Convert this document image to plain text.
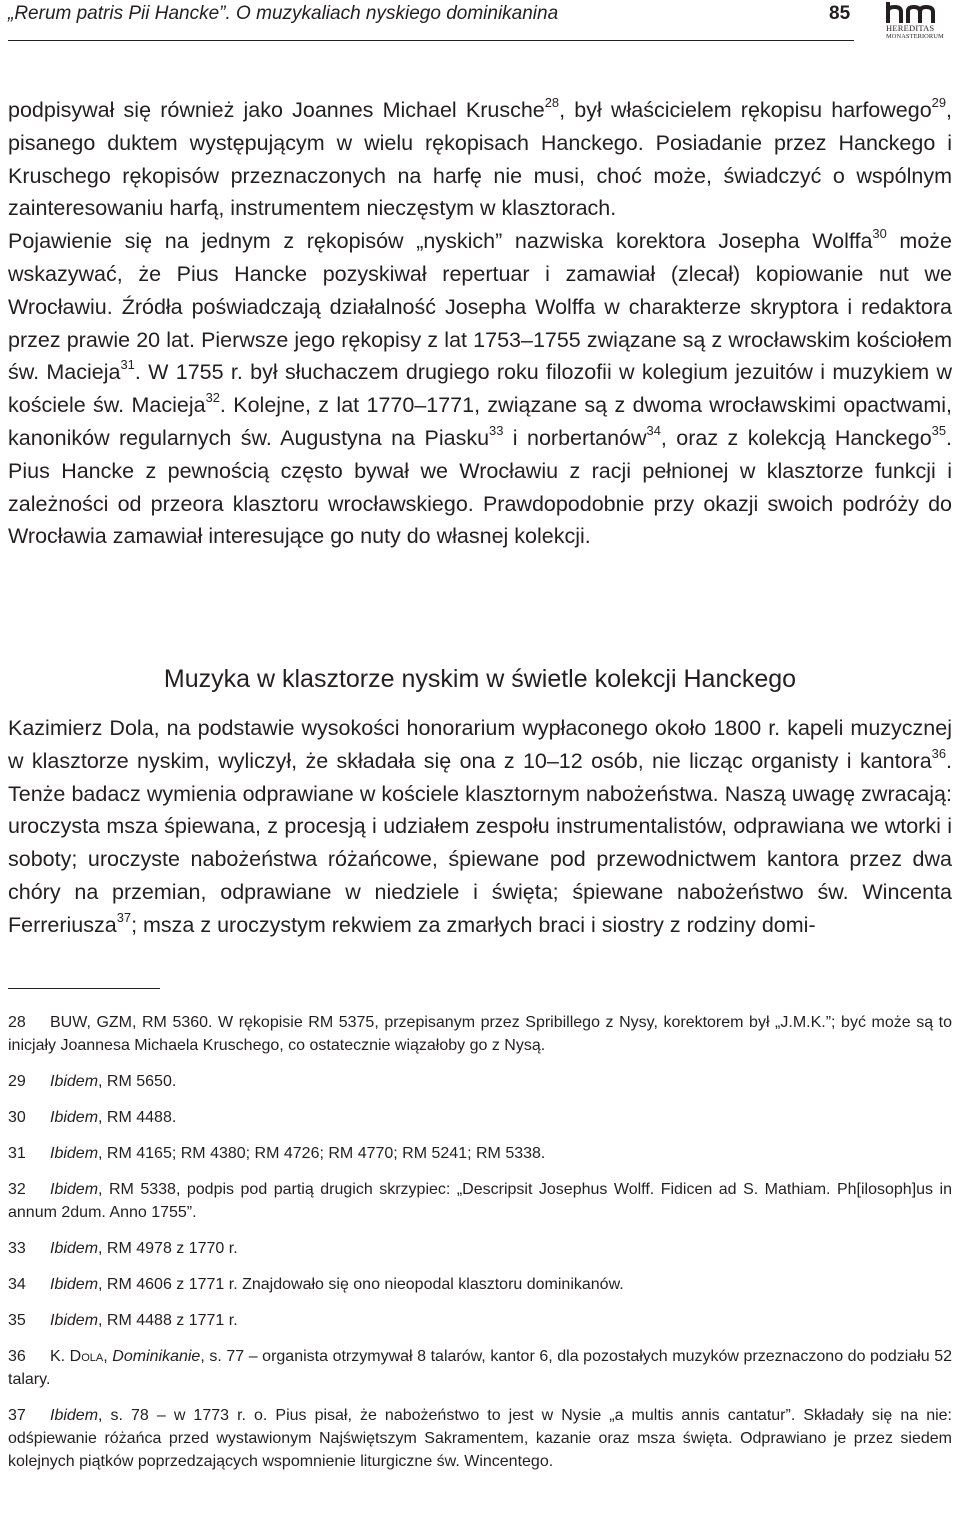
„Rerum patris Pii Hancke”. O muzykaliach nyskiego dominikanina	85
HEREDITAS
MONASTERIORUM

podpisywał się również jako Joannes Michael Krusche$^{28}$, był właścicielem rękopisu harfowego$^{29}$, pisanego duktem występującym w wielu rękopisach Hanckego. Posiadanie przez Hanckego i Kruschego rękopisów przeznaczonych na harfę nie musi, choć może, świadczyć o wspólnym zainteresowaniu harfą, instrumentem nieczęstym w klasztorach.

Pojawienie się na jednym z rękopisów „nyskich” nazwiska korektora Josepha Wolffa$^{30}$ może wskazywać, że Pius Hancke pozyskiwał repertuar i zamawiał (zlecał) kopiowanie nut we Wrocławiu. Źródła poświadczają działalność Josepha Wolffa w charakterze skryptora i redaktora przez prawie 20 lat. Pierwsze jego rękopisy z lat 1753–1755 związane są z wrocławskim kościołem św. Macieja$^{31}$. W 1755 r. był słuchaczem drugiego roku filozofii w kolegium jezuitów i muzykiem w kościele św. Macieja$^{32}$. Kolejne, z lat 1770–1771, związane są z dwoma wrocławskimi opactwami, kanoników regularnych św. Augustyna na Piasku$^{33}$ i norbertanów$^{34}$, oraz z kolekcją Hanckego$^{35}$. Pius Hancke z pewnością często bywał we Wrocławiu z racji pełnionej w klasztorze funkcji i zależności od przeora klasztoru wrocławskiego. Prawdopodobnie przy okazji swoich podróży do Wrocławia zamawiał interesujące go nuty do własnej kolekcji.

Muzyka w klasztorze nyskim w świetle kolekcji Hanckego

Kazimierz Dola, na podstawie wysokości honorarium wypłaconego około 1800 r. kapeli muzycznej w klasztorze nyskim, wyliczył, że składała się ona z 10–12 osób, nie licząc organisty i kantora$^{36}$. Tenże badacz wymienia odprawiane w kościele klasztornym nabożeństwa. Naszą uwagę zwracają: uroczysta msza śpiewana, z procesją i udziałem zespołu instrumentalistów, odprawiana we wtorki i soboty; uroczyste nabożeństwa różańcowe, śpiewane pod przewodnictwem kantora przez dwa chóry na przemian, odprawiane w niedziele i święta; śpiewane nabożeństwo św. Wincenta Ferreriusza$^{37}$; msza z uroczystym rekwiem za zmarłych braci i siostry z rodziny domi-

28 BUW, GZM, RM 5360. W rękopisie RM 5375, przepisanym przez Spribillego z Nysy, korektorem był „J.M.K.”; być może są to inicjały Joannesa Michaela Kruschego, co ostatecznie wiązałoby go z Nysą.
29 Ibidem, RM 5650.
30 Ibidem, RM 4488.
31 Ibidem, RM 4165; RM 4380; RM 4726; RM 4770; RM 5241; RM 5338.
32 Ibidem, RM 5338, podpis pod partią drugich skrzypiec: „Descripsit Josephus Wolff. Fidicen ad S. Mathiam. Ph[ilosoph]us in annum 2dum. Anno 1755”.
33 Ibidem, RM 4978 z 1770 r.
34 Ibidem, RM 4606 z 1771 r. Znajdowało się ono nieopodal klasztoru dominikanów.
35 Ibidem, RM 4488 z 1771 r.
36 K. Dola, Dominikanie, s. 77 – organista otrzymywał 8 talarów, kantor 6, dla pozostałych muzyków przeznaczono do podziału 52 talary.
37 Ibidem, s. 78 – w 1773 r. o. Pius pisał, że nabożeństwo to jest w Nysie „a multis annis cantatur”. Składały się na nie: odśpiewanie różańca przed wystawionym Najświętszym Sakramentem, kazanie oraz msza święta. Odprawiano je przez siedem kolejnych piątków poprzedzających wspomnienie liturgiczne św. Wincentego.
